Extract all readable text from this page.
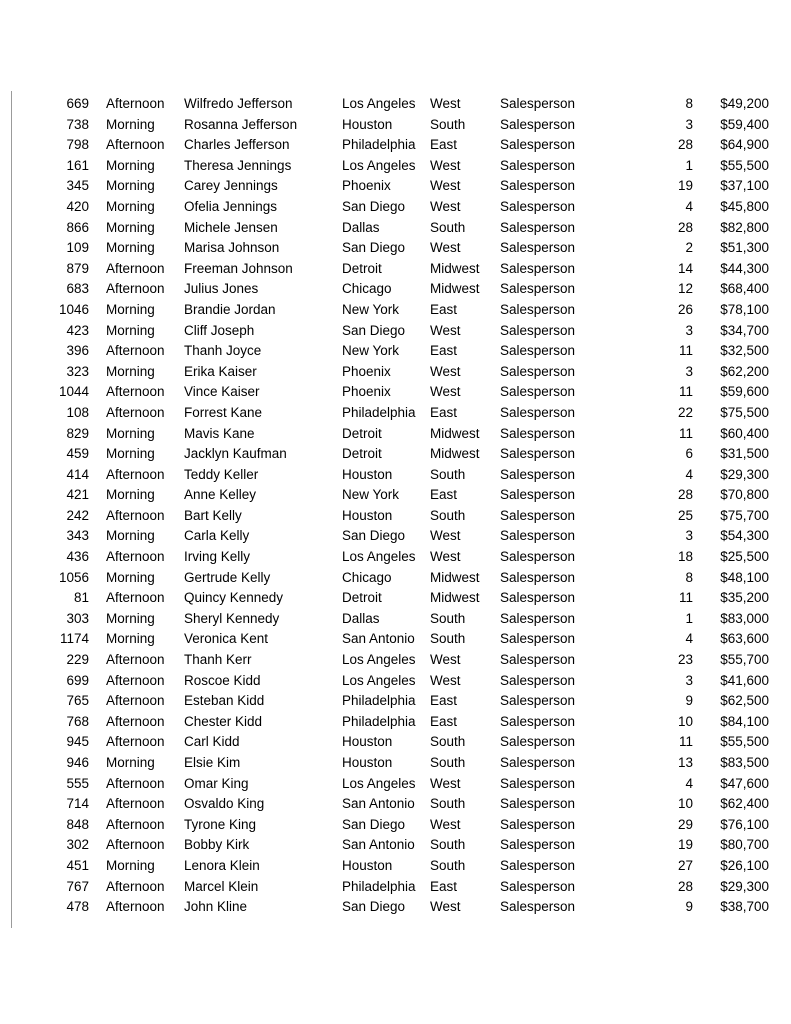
669	Afternoon	Wilfredo Jefferson	Los Angeles	West	Salesperson	8	$49,200
738	Morning	Rosanna Jefferson	Houston	South	Salesperson	3	$59,400
798	Afternoon	Charles Jefferson	Philadelphia	East	Salesperson	28	$64,900
161	Morning	Theresa Jennings	Los Angeles	West	Salesperson	1	$55,500
345	Morning	Carey Jennings	Phoenix	West	Salesperson	19	$37,100
420	Morning	Ofelia Jennings	San Diego	West	Salesperson	4	$45,800
866	Morning	Michele Jensen	Dallas	South	Salesperson	28	$82,800
109	Morning	Marisa Johnson	San Diego	West	Salesperson	2	$51,300
879	Afternoon	Freeman Johnson	Detroit	Midwest	Salesperson	14	$44,300
683	Afternoon	Julius Jones	Chicago	Midwest	Salesperson	12	$68,400
1046	Morning	Brandie Jordan	New York	East	Salesperson	26	$78,100
423	Morning	Cliff Joseph	San Diego	West	Salesperson	3	$34,700
396	Afternoon	Thanh Joyce	New York	East	Salesperson	11	$32,500
323	Morning	Erika Kaiser	Phoenix	West	Salesperson	3	$62,200
1044	Afternoon	Vince Kaiser	Phoenix	West	Salesperson	11	$59,600
108	Afternoon	Forrest Kane	Philadelphia	East	Salesperson	22	$75,500
829	Morning	Mavis Kane	Detroit	Midwest	Salesperson	11	$60,400
459	Morning	Jacklyn Kaufman	Detroit	Midwest	Salesperson	6	$31,500
414	Afternoon	Teddy Keller	Houston	South	Salesperson	4	$29,300
421	Morning	Anne Kelley	New York	East	Salesperson	28	$70,800
242	Afternoon	Bart Kelly	Houston	South	Salesperson	25	$75,700
343	Morning	Carla Kelly	San Diego	West	Salesperson	3	$54,300
436	Afternoon	Irving Kelly	Los Angeles	West	Salesperson	18	$25,500
1056	Morning	Gertrude Kelly	Chicago	Midwest	Salesperson	8	$48,100
81	Afternoon	Quincy Kennedy	Detroit	Midwest	Salesperson	11	$35,200
303	Morning	Sheryl Kennedy	Dallas	South	Salesperson	1	$83,000
1174	Morning	Veronica Kent	San Antonio	South	Salesperson	4	$63,600
229	Afternoon	Thanh Kerr	Los Angeles	West	Salesperson	23	$55,700
699	Afternoon	Roscoe Kidd	Los Angeles	West	Salesperson	3	$41,600
765	Afternoon	Esteban Kidd	Philadelphia	East	Salesperson	9	$62,500
768	Afternoon	Chester Kidd	Philadelphia	East	Salesperson	10	$84,100
945	Afternoon	Carl Kidd	Houston	South	Salesperson	11	$55,500
946	Morning	Elsie Kim	Houston	South	Salesperson	13	$83,500
555	Afternoon	Omar King	Los Angeles	West	Salesperson	4	$47,600
714	Afternoon	Osvaldo King	San Antonio	South	Salesperson	10	$62,400
848	Afternoon	Tyrone King	San Diego	West	Salesperson	29	$76,100
302	Afternoon	Bobby Kirk	San Antonio	South	Salesperson	19	$80,700
451	Morning	Lenora Klein	Houston	South	Salesperson	27	$26,100
767	Afternoon	Marcel Klein	Philadelphia	East	Salesperson	28	$29,300
478	Afternoon	John Kline	San Diego	West	Salesperson	9	$38,700
